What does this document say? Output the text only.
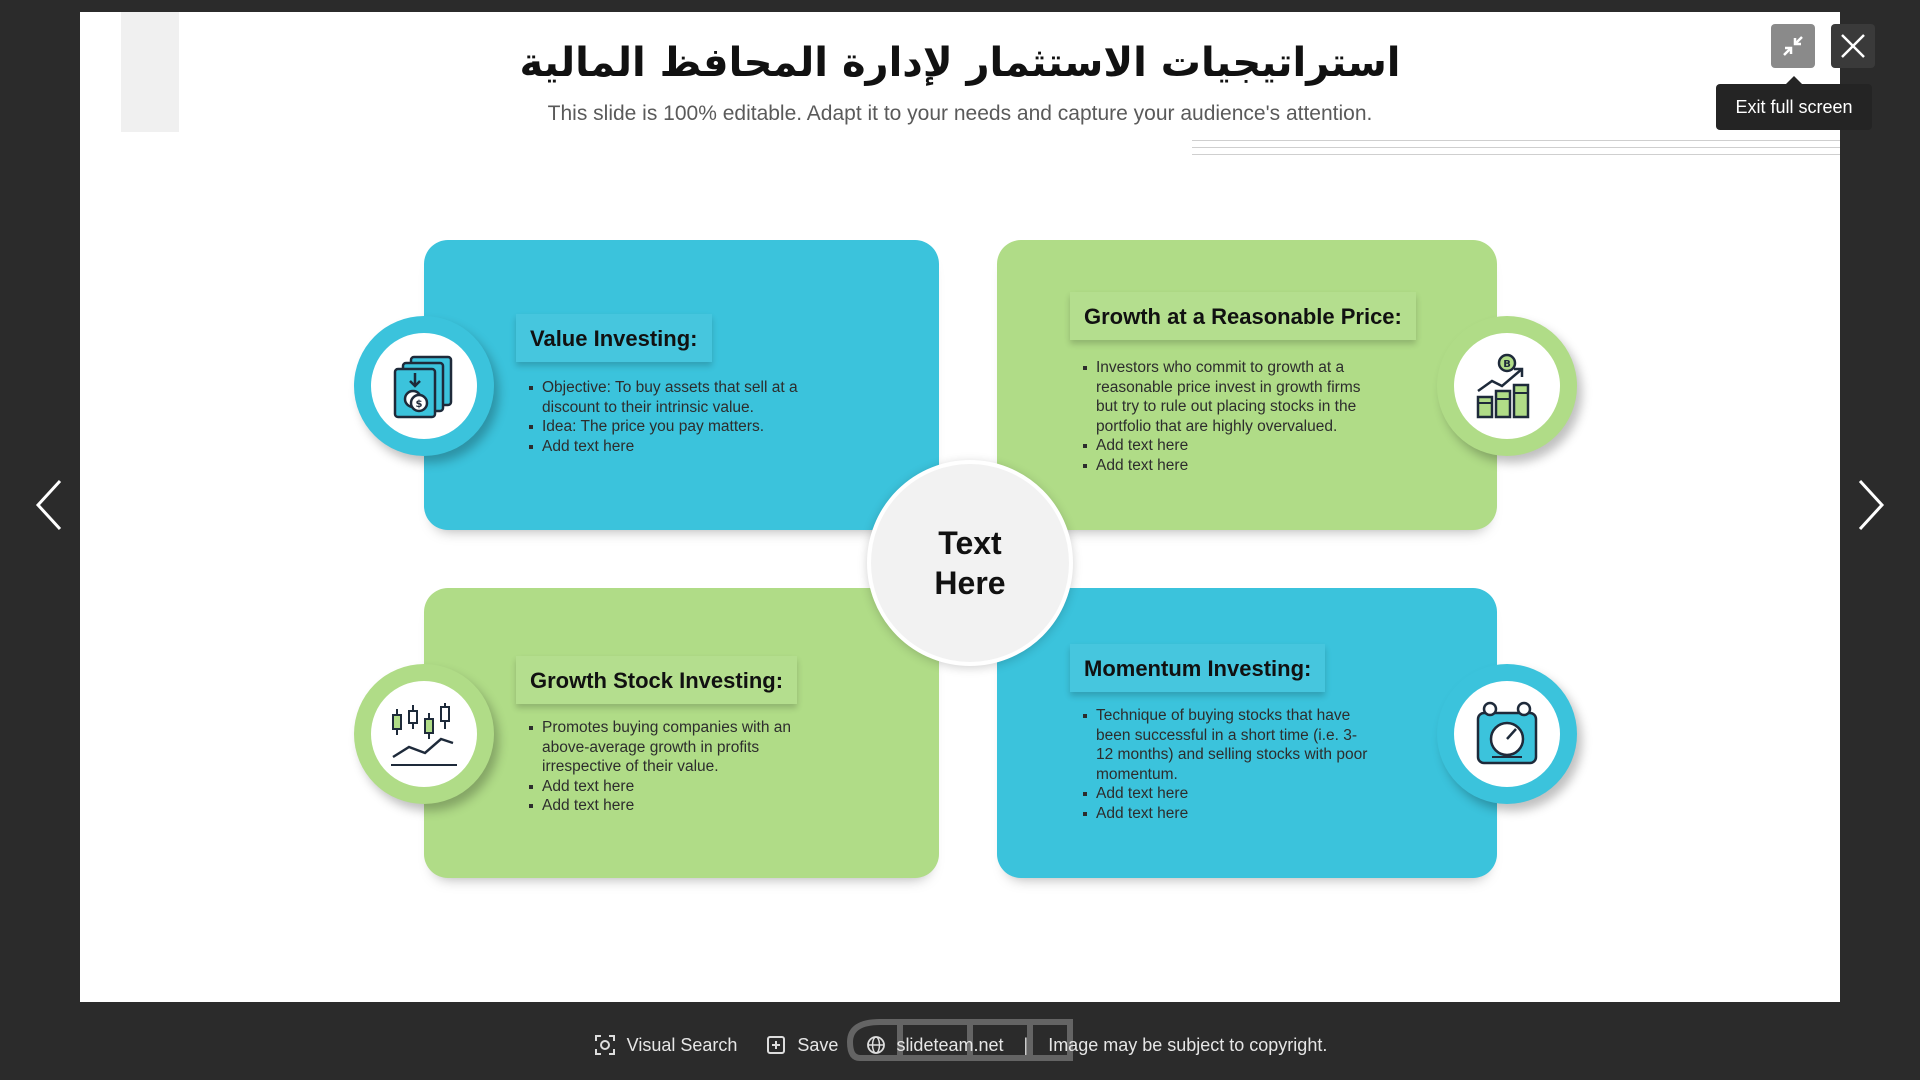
استراتيجيات الاستثمار لإدارة المحافظ المالية
This slide is 100% editable. Adapt it to your needs and capture your audience's attention.
Value Investing:
Objective: To buy assets that sell at a discount to their intrinsic value.
Idea: The price you pay matters.
Add text here
Growth at a Reasonable Price:
Investors who commit to growth at a reasonable price invest in growth firms but try to rule out placing stocks in the portfolio that are highly overvalued.
Add text here
Add text here
Growth Stock Investing:
Promotes buying companies with an above-average growth in profits irrespective of their value.
Add text here
Add text here
Momentum Investing:
Technique of buying stocks that have been successful in a short time (i.e. 3-12 months) and selling stocks with poor momentum.
Add text here
Add text here
$
B
Text
Here
Exit full screen
Visual Search	Save	slideteam.net | Image may be subject to copyright.
